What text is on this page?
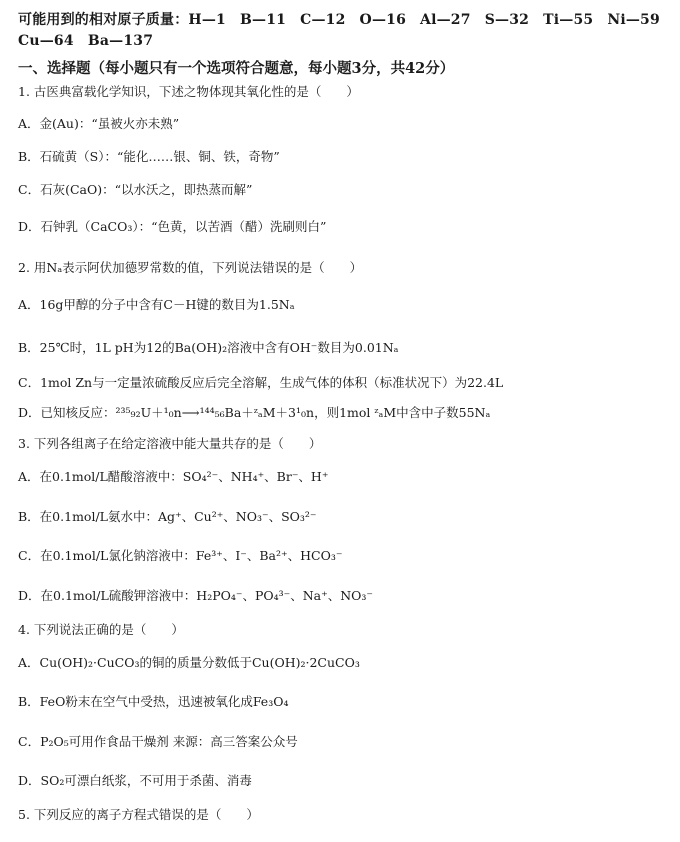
可能用到的相对原子质量：H—1 B—11 C—12 O—16 Al—27 S—32 Ti—55 Ni—59
Cu—64 Ba—137
一、选择题（每小题只有一个选项符合题意，每小题3分，共42分）
1. 古医典富载化学知识，下述之物体现其氧化性的是（　　）
A．金(Au)：“虽被火亦未熟”
B．石硫黄（S）：“能化……银、铜、铁，奇物”
C．石灰(CaO)：“以水沃之，即热蒸而解”
D．石钟乳（CaCO₃）：“色黄，以苦酒（醋）洗刷则白”
2. 用Nₐ表示阿伏加德罗常数的值，下列说法错误的是（　　）
A．16g甲醇的分子中含有C－H键的数目为1.5Nₐ
B．25℃时，1L pH为12的Ba(OH)₂溶液中含有OH⁻数目为0.01Nₐ
C．1mol Zn与一定量浓硫酸反应后完全溶解，生成气体的体积（标准状况下）为22.4L
D．已知核反应：²³⁵₉₂U＋¹₀n⟶¹⁴⁴₅₆Ba＋ᶻₐM＋3¹₀n，则1mol ᶻₐM中含中子数55Nₐ
3. 下列各组离子在给定溶液中能大量共存的是（　　）
A．在0.1mol/L醋酸溶液中：SO₄²⁻、NH₄⁺、Br⁻、H⁺
B．在0.1mol/L氨水中：Ag⁺、Cu²⁺、NO₃⁻、SO₃²⁻
C．在0.1mol/L氯化钠溶液中：Fe³⁺、I⁻、Ba²⁺、HCO₃⁻
D．在0.1mol/L硫酸钾溶液中：H₂PO₄⁻、PO₄³⁻、Na⁺、NO₃⁻
4. 下列说法正确的是（　　）
A．Cu(OH)₂·CuCO₃的铜的质量分数低于Cu(OH)₂·2CuCO₃
B．FeO粉末在空气中受热，迅速被氧化成Fe₃O₄
C．P₂O₅可用作食品干燥剂 来源：高三答案公众号
D．SO₂可漂白纸浆，不可用于杀菌、消毒
5. 下列反应的离子方程式错误的是（　　）
